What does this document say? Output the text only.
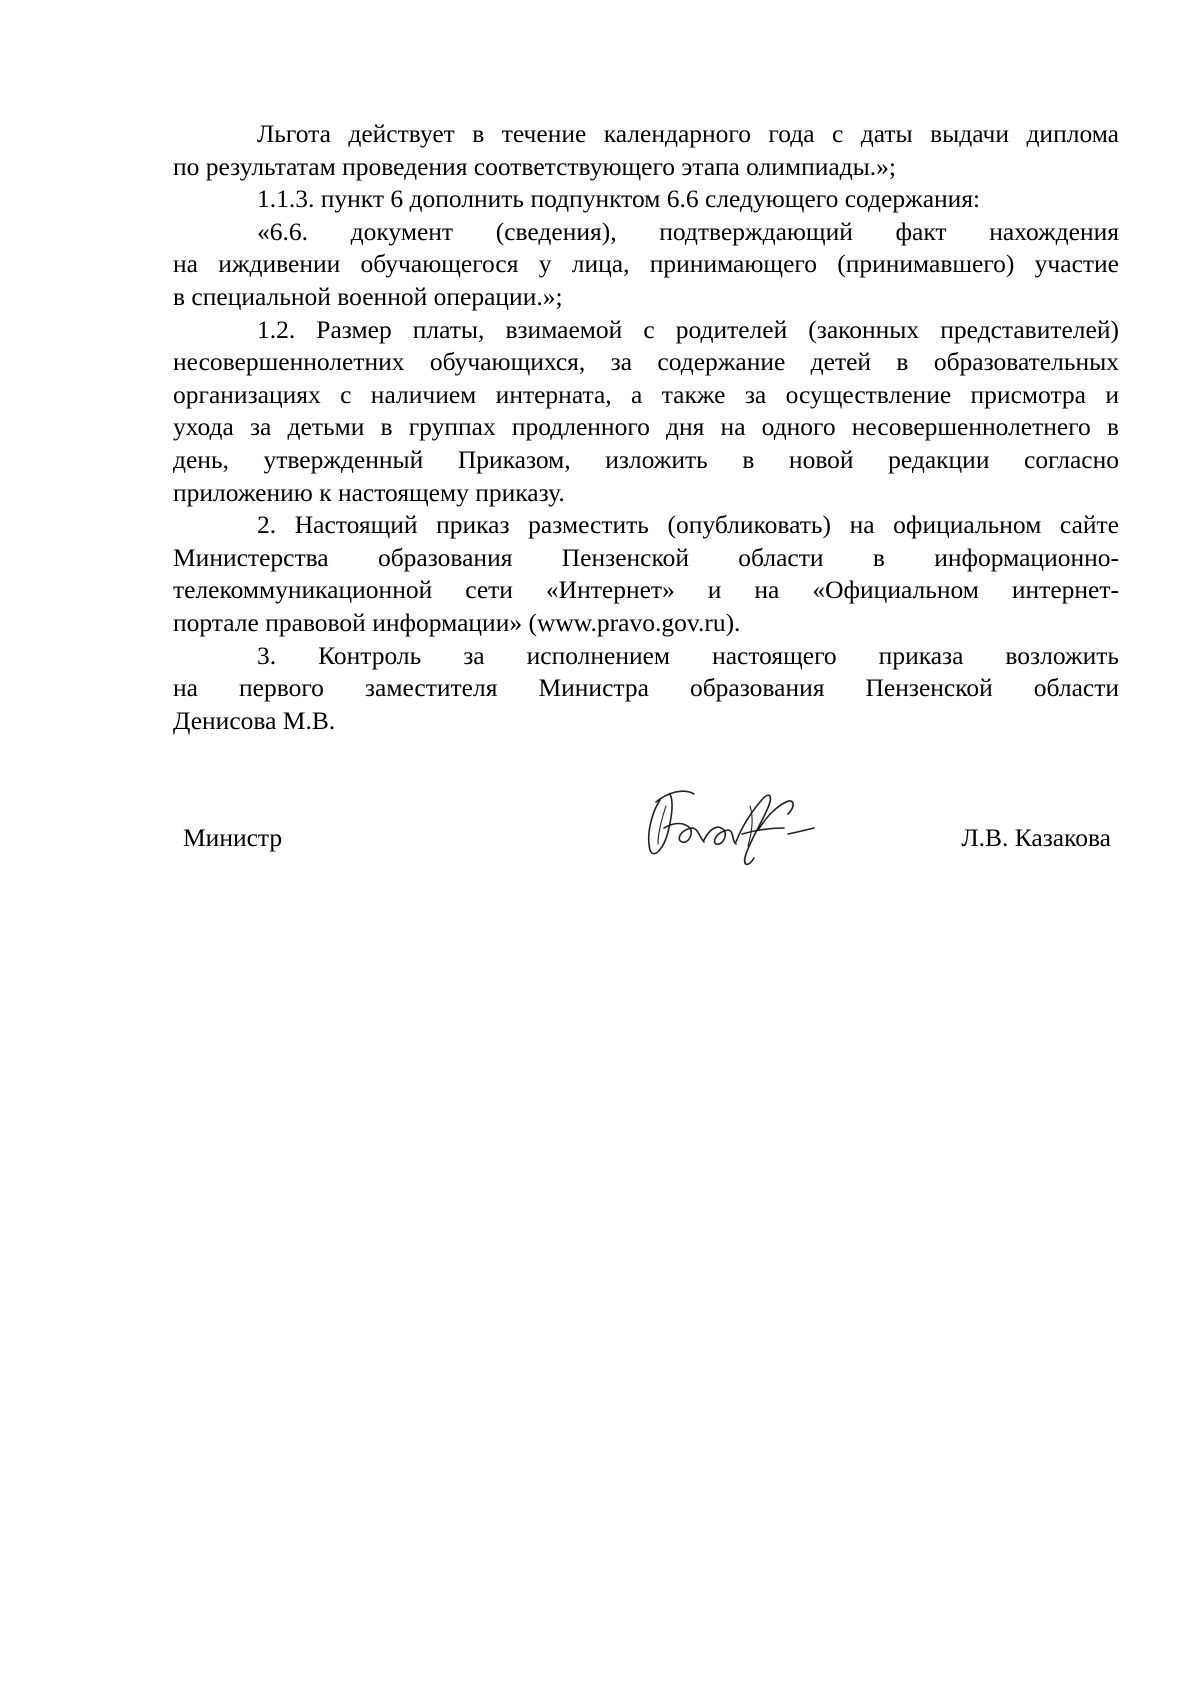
Льгота действует в течение календарного года с даты выдачи диплома
по результатам проведения соответствующего этапа олимпиады.»;
1.1.3. пункт 6 дополнить подпунктом 6.6 следующего содержания:
«6.6. документ (сведения), подтверждающий факт нахождения
на иждивении обучающегося у лица, принимающего (принимавшего) участие
в специальной военной операции.»;
1.2. Размер платы, взимаемой с родителей (законных представителей)
несовершеннолетних обучающихся, за содержание детей в образовательных
организациях с наличием интерната, а также за осуществление присмотра и
ухода за детьми в группах продленного дня на одного несовершеннолетнего в
день, утвержденный Приказом, изложить в новой редакции согласно
приложению к настоящему приказу.
2. Настоящий приказ разместить (опубликовать) на официальном сайте
Министерства образования Пензенской области в информационно-
телекоммуникационной сети «Интернет» и на «Официальном интернет-
портале правовой информации» (www.pravo.gov.ru).
3. Контроль за исполнением настоящего приказа возложить
на первого заместителя Министра образования Пензенской области
Денисова М.В.
Министр	Л.В. Казакова
